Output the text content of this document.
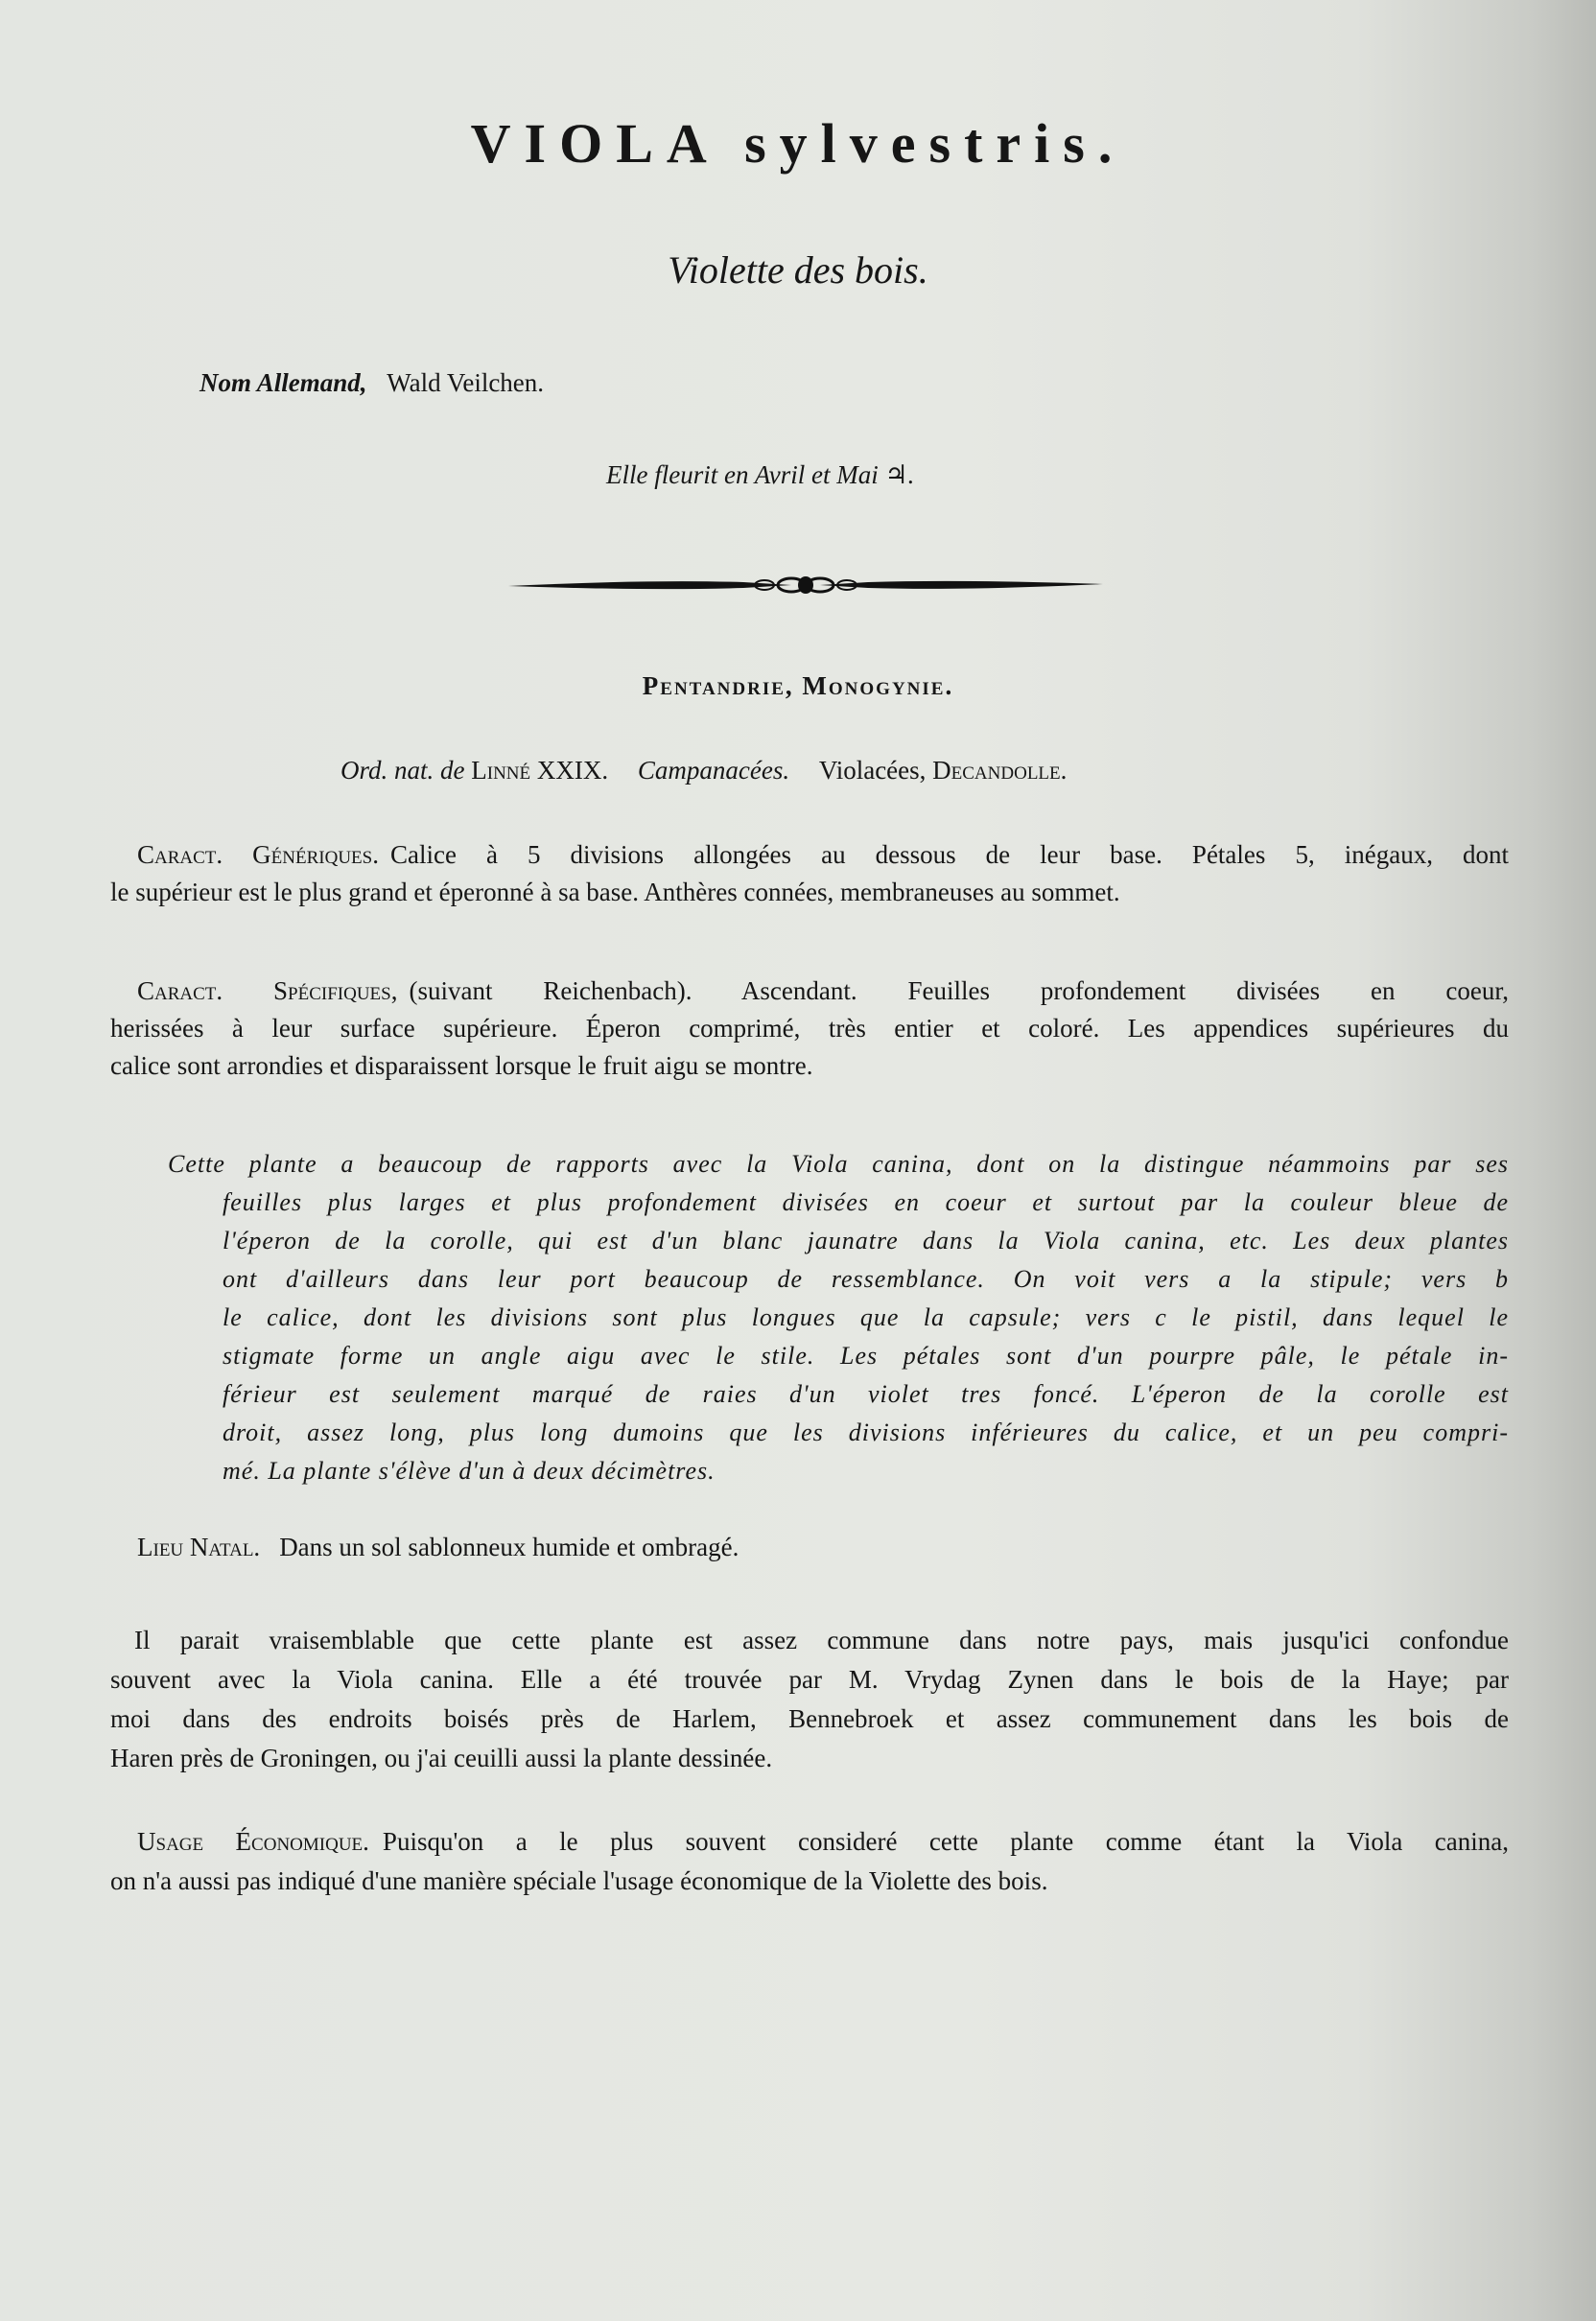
VIOLA sylvestris.
Violette des bois.
Nom Allemand, Wald Veilchen.
Elle fleurit en Avril et Mai ♃.
Pentandrie, Monogynie.
Ord. nat. de Linné XXIX. Campanacées. Violacées, Decandolle.
Caract. Génériques. Calice à 5 divisions allongées au dessous de leur base. Pétales 5, inégaux, dont
le supérieur est le plus grand et éperonné à sa base. Anthères connées, membraneuses au sommet.
Caract. Spécifiques, (suivant Reichenbach). Ascendant. Feuilles profondement divisées en coeur,
herissées à leur surface supérieure. Éperon comprimé, très entier et coloré. Les appendices supérieures du
calice sont arrondies et disparaissent lorsque le fruit aigu se montre.
Cette plante a beaucoup de rapports avec la Viola canina, dont on la distingue néammoins par ses
feuilles plus larges et plus profondement divisées en coeur et surtout par la couleur bleue de
l'éperon de la corolle, qui est d'un blanc jaunatre dans la Viola canina, etc. Les deux plantes
ont d'ailleurs dans leur port beaucoup de ressemblance. On voit vers a la stipule; vers b
le calice, dont les divisions sont plus longues que la capsule; vers c le pistil, dans lequel le
stigmate forme un angle aigu avec le stile. Les pétales sont d'un pourpre pâle, le pétale in-
férieur est seulement marqué de raies d'un violet tres foncé. L'éperon de la corolle est
droit, assez long, plus long dumoins que les divisions inférieures du calice, et un peu compri-
mé. La plante s'élève d'un à deux décimètres.
Lieu Natal. Dans un sol sablonneux humide et ombragé.
Il parait vraisemblable que cette plante est assez commune dans notre pays, mais jusqu'ici confondue
souvent avec la Viola canina. Elle a été trouvée par M. Vrydag Zynen dans le bois de la Haye; par
moi dans des endroits boisés près de Harlem, Bennebroek et assez communement dans les bois de
Haren près de Groningen, ou j'ai ceuilli aussi la plante dessinée.
Usage Économique. Puisqu'on a le plus souvent consideré cette plante comme étant la Viola canina,
on n'a aussi pas indiqué d'une manière spéciale l'usage économique de la Violette des bois.
